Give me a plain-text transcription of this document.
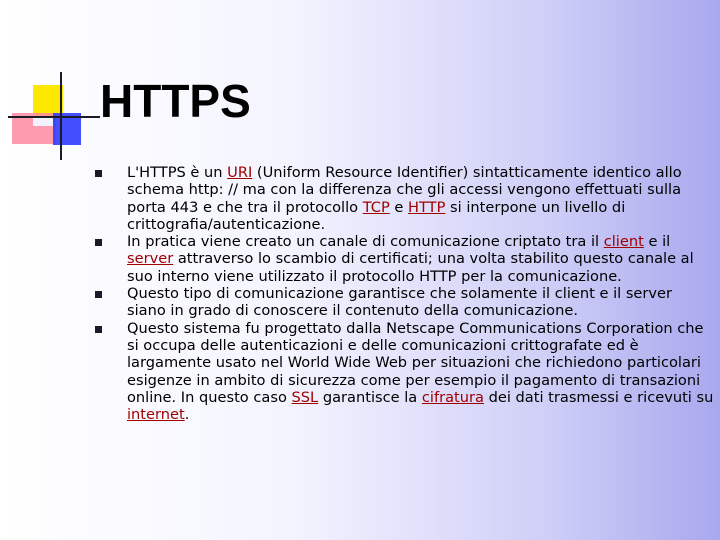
HTTPS

L'HTTPS è un URI (Uniform Resource Identifier) sintatticamente identico allo schema http: // ma con la differenza che gli accessi vengono effettuati sulla porta 443 e che tra il protocollo TCP e HTTP si interpone un livello di crittografia/autenticazione.

In pratica viene creato un canale di comunicazione criptato tra il client e il server attraverso lo scambio di certificati; una volta stabilito questo canale al suo interno viene utilizzato il protocollo HTTP per la comunicazione.

Questo tipo di comunicazione garantisce che solamente il client e il server siano in grado di conoscere il contenuto della comunicazione.

Questo sistema fu progettato dalla Netscape Communications Corporation che si occupa delle autenticazioni e delle comunicazioni crittografate ed è largamente usato nel World Wide Web per situazioni che richiedono particolari esigenze in ambito di sicurezza come per esempio il pagamento di transazioni online. In questo caso SSL garantisce la cifratura dei dati trasmessi e ricevuti su internet.
